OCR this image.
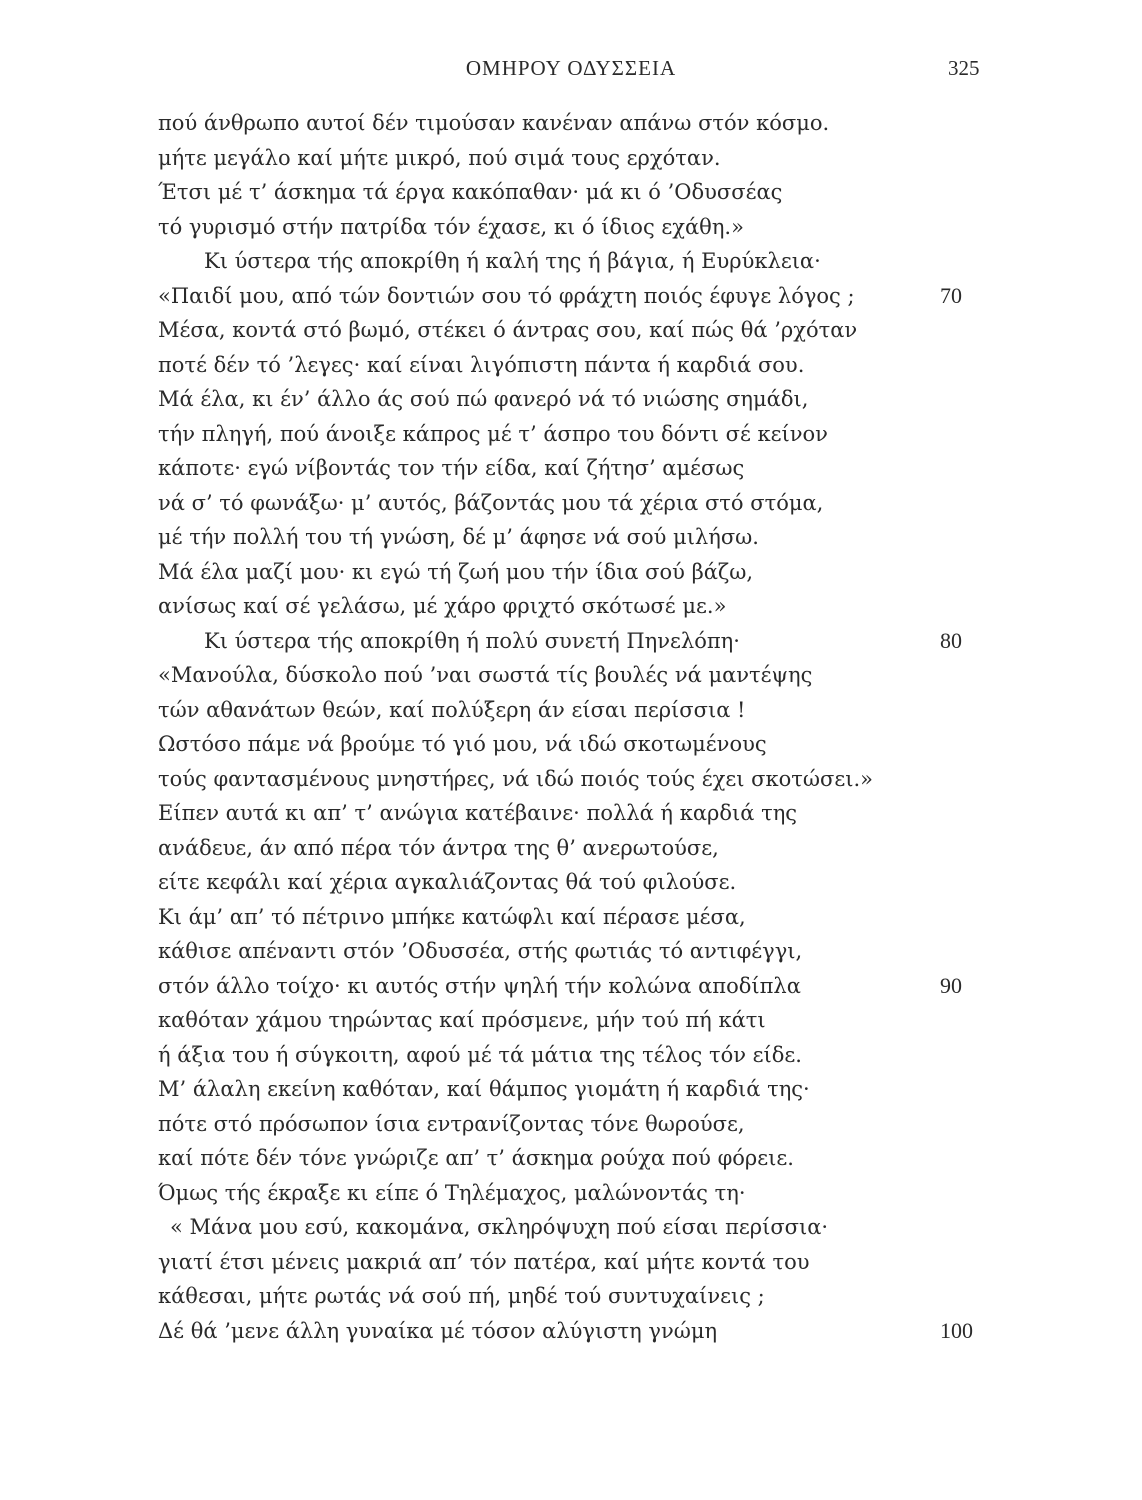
ΟΜΗΡΟΥ ΟΔΥΣΣΕΙΑ	325
πού άνθρωπο αυτοί δέν τιμούσαν κανέναν απάνω στόν κόσμο.
μήτε μεγάλο καί μήτε μικρό, πού σιμά τους ερχόταν.
Έτσι μέ τ’ άσκημα τά έργα κακόπαθαν· μά κι ό ’Οδυσσέας
τό γυρισμό στήν πατρίδα τόν έχασε, κι ό ίδιος εχάθη.»
Κι ύστερα τής αποκρίθη ή καλή της ή βάγια, ή Ευρύκλεια·
«Παιδί μου, από τών δοντιών σου τό φράχτη ποιός έφυγε λόγος ;	70
Μέσα, κοντά στό βωμό, στέκει ό άντρας σου, καί πώς θά ’ρχόταν
ποτέ δέν τό ’λεγες· καί είναι λιγόπιστη πάντα ή καρδιά σου.
Μά έλα, κι έν’ άλλο άς σού πώ φανερό νά τό νιώσης σημάδι,
τήν πληγή, πού άνοιξε κάπρος μέ τ’ άσπρο του δόντι σέ κείνον
κάποτε· εγώ νίβοντάς τον τήν είδα, καί ζήτησ’ αμέσως
νά σ’ τό φωνάξω· μ’ αυτός, βάζοντάς μου τά χέρια στό στόμα,
μέ τήν πολλή του τή γνώση, δέ μ’ άφησε νά σού μιλήσω.
Μά έλα μαζί μου· κι εγώ τή ζωή μου τήν ίδια σού βάζω,
ανίσως καί σέ γελάσω, μέ χάρο φριχτό σκότωσέ με.»
Κι ύστερα τής αποκρίθη ή πολύ συνετή Πηνελόπη·	80
«Μανούλα, δύσκολο πού ’ναι σωστά τίς βουλές νά μαντέψης
τών αθανάτων θεών, καί πολύξερη άν είσαι περίσσια !
Ωστόσο πάμε νά βρούμε τό γιό μου, νά ιδώ σκοτωμένους
τούς φαντασμένους μνηστήρες, νά ιδώ ποιός τούς έχει σκοτώσει.»
Είπεν αυτά κι απ’ τ’ ανώγια κατέβαινε· πολλά ή καρδιά της
ανάδευε, άν από πέρα τόν άντρα της θ’ ανερωτούσε,
είτε κεφάλι καί χέρια αγκαλιάζοντας θά τού φιλούσε.
Κι άμ’ απ’ τό πέτρινο μπήκε κατώφλι καί πέρασε μέσα,
κάθισε απέναντι στόν ’Οδυσσέα, στής φωτιάς τό αντιφέγγι,
στόν άλλο τοίχο· κι αυτός στήν ψηλή τήν κολώνα αποδίπλα	90
καθόταν χάμου τηρώντας καί πρόσμενε, μήν τού πή κάτι
ή άξια του ή σύγκοιτη, αφού μέ τά μάτια της τέλος τόν είδε.
Μ’ άλαλη εκείνη καθόταν, καί θάμπος γιομάτη ή καρδιά της·
πότε στό πρόσωπον ίσια εντρανίζοντας τόνε θωρούσε,
καί πότε δέν τόνε γνώριζε απ’ τ’ άσκημα ρούχα πού φόρειε.
Όμως τής έκραξε κι είπε ό Τηλέμαχος, μαλώνοντάς τη·
« Μάνα μου εσύ, κακομάνα, σκληρόψυχη πού είσαι περίσσια·
γιατί έτσι μένεις μακριά απ’ τόν πατέρα, καί μήτε κοντά του
κάθεσαι, μήτε ρωτάς νά σού πή, μηδέ τού συντυχαίνεις ;
Δέ θά ’μενε άλλη γυναίκα μέ τόσον αλύγιστη γνώμη	100
